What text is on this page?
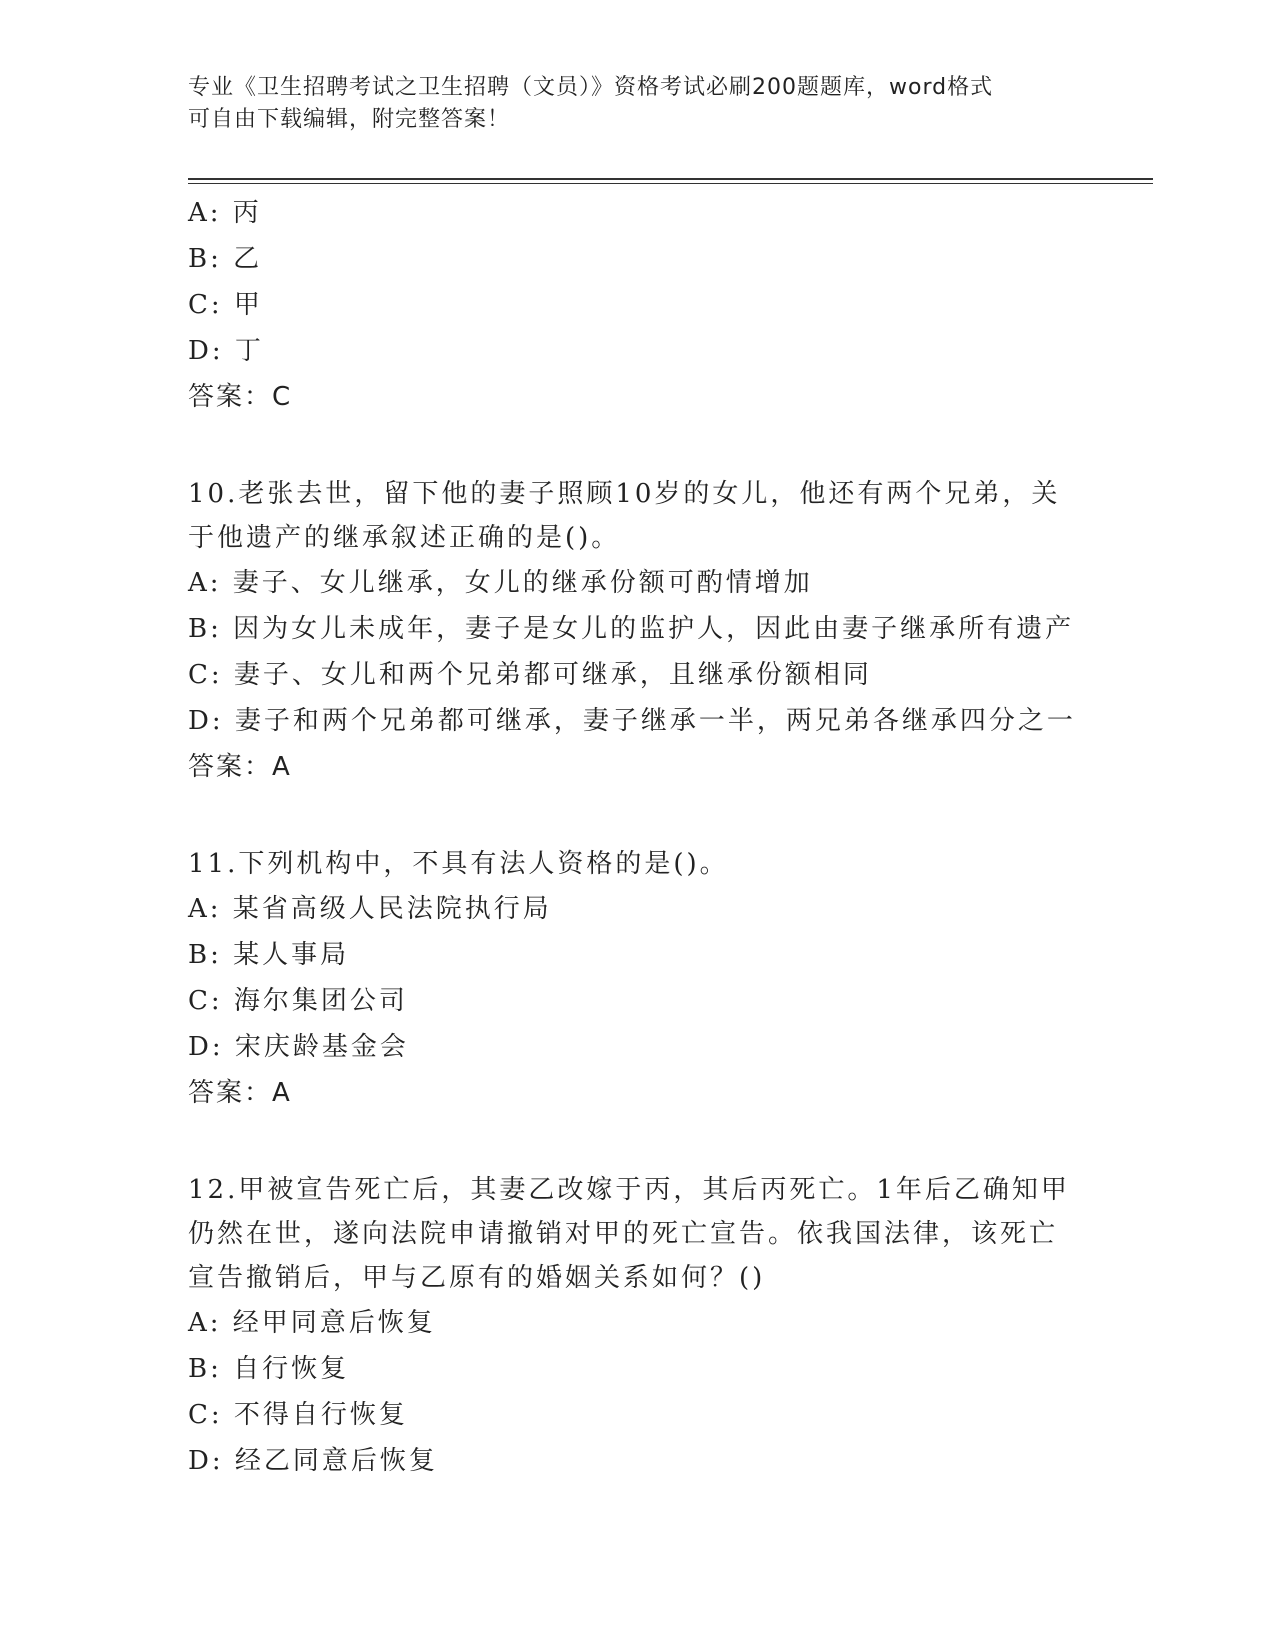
专业《卫生招聘考试之卫生招聘（文员）》资格考试必刷200题题库，word格式
可自由下载编辑，附完整答案！
A: 丙
B: 乙
C: 甲
D: 丁
答案：C
10.老张去世，留下他的妻子照顾10岁的女儿，他还有两个兄弟，关
于他遗产的继承叙述正确的是()。
A: 妻子、女儿继承，女儿的继承份额可酌情增加
B: 因为女儿未成年，妻子是女儿的监护人，因此由妻子继承所有遗产
C: 妻子、女儿和两个兄弟都可继承，且继承份额相同
D: 妻子和两个兄弟都可继承，妻子继承一半，两兄弟各继承四分之一
答案：A
11.下列机构中，不具有法人资格的是()。
A: 某省高级人民法院执行局
B: 某人事局
C: 海尔集团公司
D: 宋庆龄基金会
答案：A
12.甲被宣告死亡后，其妻乙改嫁于丙，其后丙死亡。1年后乙确知甲
仍然在世，遂向法院申请撤销对甲的死亡宣告。依我国法律，该死亡
宣告撤销后，甲与乙原有的婚姻关系如何？()
A: 经甲同意后恢复
B: 自行恢复
C: 不得自行恢复
D: 经乙同意后恢复
